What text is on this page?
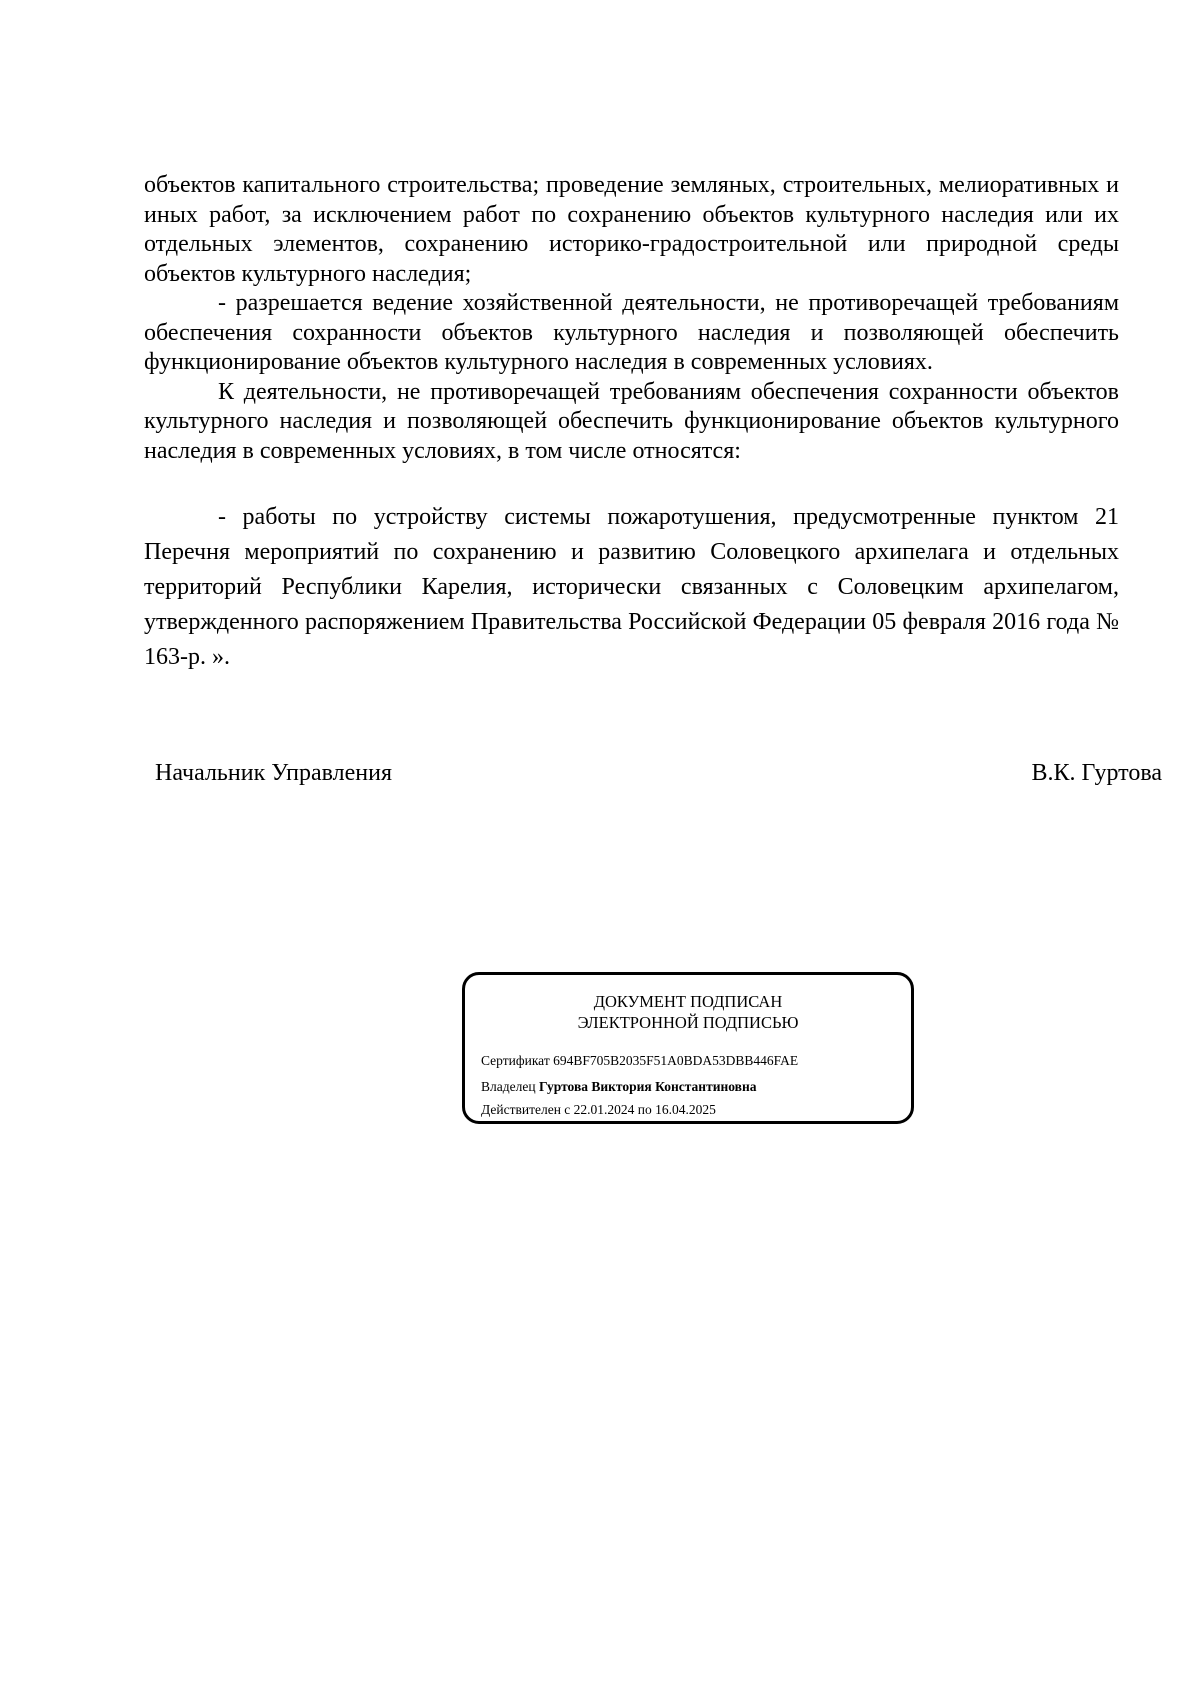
объектов капитального строительства; проведение земляных, строительных, мелиоративных и иных работ, за исключением работ по сохранению объектов культурного наследия или их отдельных элементов, сохранению историко-градостроительной или природной среды объектов культурного наследия;

- разрешается ведение хозяйственной деятельности, не противоречащей требованиям обеспечения сохранности объектов культурного наследия и позволяющей обеспечить функционирование объектов культурного наследия в современных условиях.

К деятельности, не противоречащей требованиям обеспечения сохранности объектов культурного наследия и позволяющей обеспечить функционирование объектов культурного наследия в современных условиях, в том числе относятся:

- работы по устройству системы пожаротушения, предусмотренные пунктом 21 Перечня мероприятий по сохранению и развитию Соловецкого архипелага и отдельных территорий Республики Карелия, исторически связанных с Соловецким архипелагом, утвержденного распоряжением Правительства Российской Федерации 05 февраля 2016 года № 163-р. ».

Начальник Управления	В.К. Гуртова
ДОКУМЕНТ ПОДПИСАН
ЭЛЕКТРОННОЙ ПОДПИСЬЮ
Сертификат 694BF705B2035F51A0BDA53DBB446FAE
Владелец Гуртова Виктория Константиновна
Действителен с 22.01.2024 по 16.04.2025
